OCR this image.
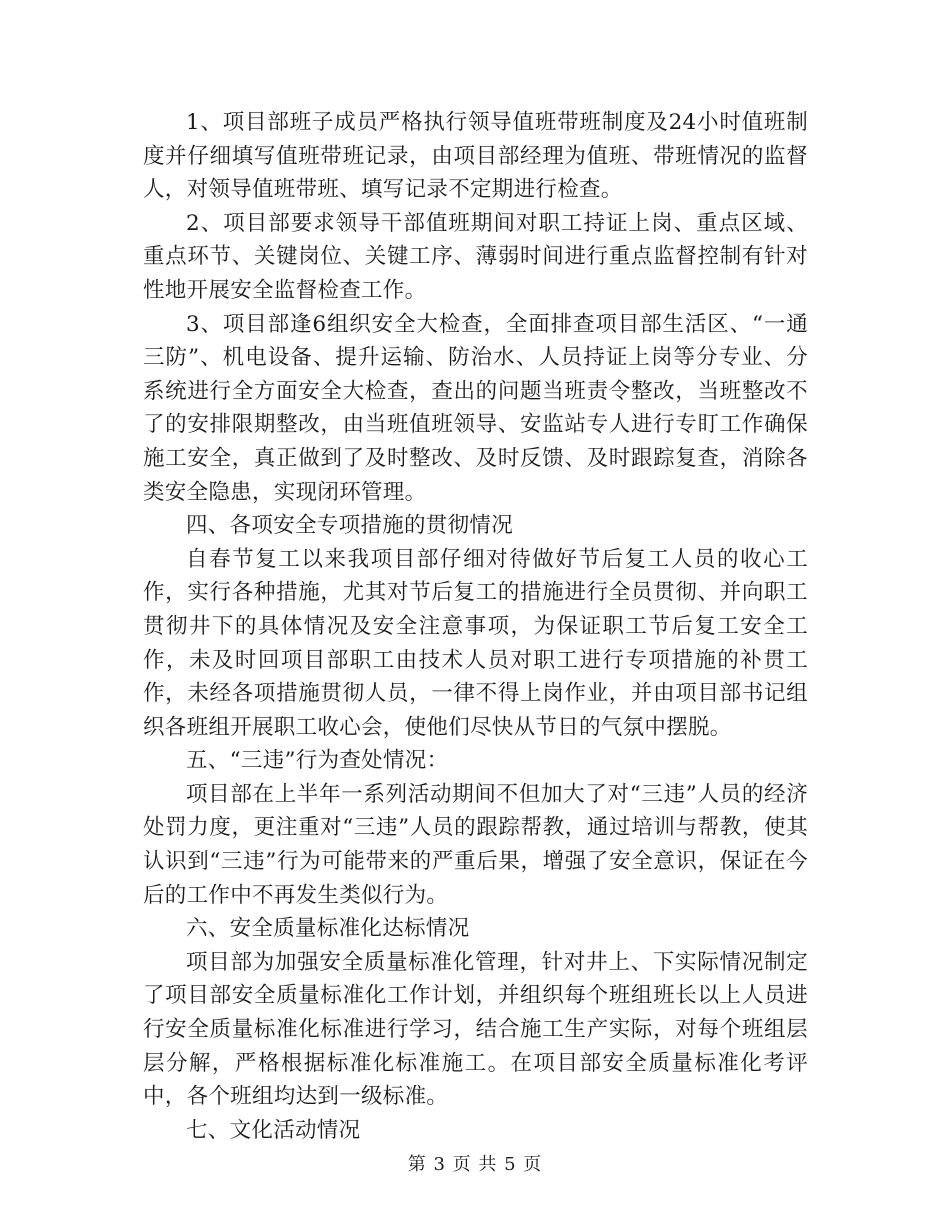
1、项目部班子成员严格执行领导值班带班制度及24小时值班制度并仔细填写值班带班记录，由项目部经理为值班、带班情况的监督人，对领导值班带班、填写记录不定期进行检查。

2、项目部要求领导干部值班期间对职工持证上岗、重点区域、重点环节、关键岗位、关键工序、薄弱时间进行重点监督控制有针对性地开展安全监督检查工作。

3、项目部逢6组织安全大检查，全面排查项目部生活区、“一通三防”、机电设备、提升运输、防治水、人员持证上岗等分专业、分系统进行全方面安全大检查，查出的问题当班责令整改，当班整改不了的安排限期整改，由当班值班领导、安监站专人进行专盯工作确保施工安全，真正做到了及时整改、及时反馈、及时跟踪复查，消除各类安全隐患，实现闭环管理。

四、各项安全专项措施的贯彻情况

自春节复工以来我项目部仔细对待做好节后复工人员的收心工作，实行各种措施，尤其对节后复工的措施进行全员贯彻、并向职工贯彻井下的具体情况及安全注意事项，为保证职工节后复工安全工作，未及时回项目部职工由技术人员对职工进行专项措施的补贯工作，未经各项措施贯彻人员，一律不得上岗作业，并由项目部书记组织各班组开展职工收心会，使他们尽快从节日的气氛中摆脱。

五、“三违”行为查处情况：

项目部在上半年一系列活动期间不但加大了对“三违”人员的经济处罚力度，更注重对“三违”人员的跟踪帮教，通过培训与帮教，使其认识到“三违”行为可能带来的严重后果，增强了安全意识，保证在今后的工作中不再发生类似行为。

六、安全质量标准化达标情况

项目部为加强安全质量标准化管理，针对井上、下实际情况制定了项目部安全质量标准化工作计划，并组织每个班组班长以上人员进行安全质量标准化标准进行学习，结合施工生产实际，对每个班组层层分解，严格根据标准化标准施工。在项目部安全质量标准化考评中，各个班组均达到一级标准。

七、文化活动情况

第 3 页 共 5 页
